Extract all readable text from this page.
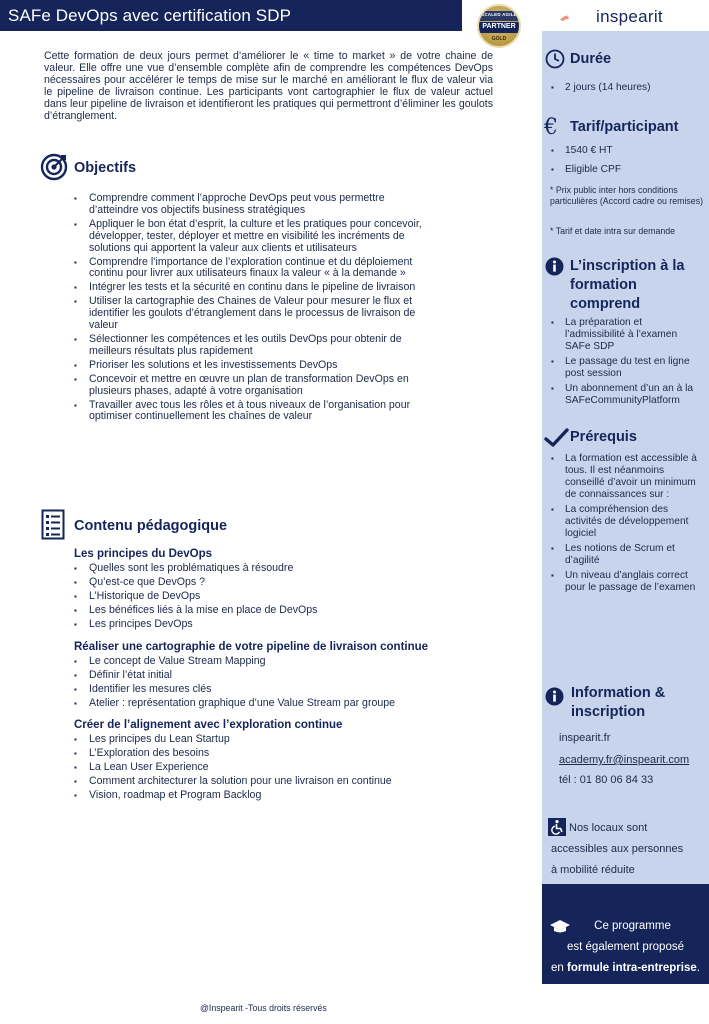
SAFe DevOps avec certification SDP	SCALED AGILE
PARTNER
GOLD
inspearit

Cette formation de deux jours permet d’améliorer le « time to market » de votre chaine de valeur. Elle offre une vue d’ensemble complète afin de comprendre les compétences DevOps nécessaires pour accélérer le temps de mise sur le marché en améliorant le flux de valeur via le pipeline de livraison continue. Les participants vont cartographier le flux de valeur actuel dans leur pipeline de livraison et identifieront les pratiques qui permettront d’éliminer les goulots d’étranglement.

Objectifs
▪ Comprendre comment l’approche DevOps peut vous permettre d’atteindre vos objectifs business stratégiques
▪ Appliquer le bon état d’esprit, la culture et les pratiques pour concevoir, développer, tester, déployer et mettre en visibilité les incréments de solutions qui apportent la valeur aux clients et utilisateurs
▪ Comprendre l’importance de l’exploration continue et du déploiement continu pour livrer aux utilisateurs finaux la valeur « à la demande »
▪ Intégrer les tests et la sécurité en continu dans le pipeline de livraison
▪ Utiliser la cartographie des Chaines de Valeur pour mesurer le flux et identifier les goulots d’étranglement dans le processus de livraison de valeur
▪ Sélectionner les compétences et les outils DevOps pour obtenir de meilleurs résultats plus rapidement
▪ Prioriser les solutions et les investissements DevOps
▪ Concevoir et mettre en œuvre un plan de transformation DevOps en plusieurs phases, adapté à votre organisation
▪ Travailler avec tous les rôles et à tous niveaux de l’organisation pour optimiser continuellement les chaînes de valeur
Contenu pédagogique
Les principes du DevOps
▪ Quelles sont les problématiques à résoudre
▪ Qu’est-ce que DevOps ?
▪ L’Historique de DevOps
▪ Les bénéfices liés à la mise en place de DevOps
▪ Les principes DevOps
Réaliser une cartographie de votre pipeline de livraison continue
▪ Le concept de Value Stream Mapping
▪ Définir l’état initial
▪ Identifier les mesures clés
▪ Atelier : représentation graphique d’une Value Stream par groupe
Créer de l’alignement avec l’exploration continue
▪ Les principes du Lean Startup
▪ L’Exploration des besoins
▪ La Lean User Experience
▪ Comment architecturer la solution pour une livraison en continue
▪ Vision, roadmap et Program Backlog
Durée
▪ 2 jours (14 heures)
€ Tarif/participant
▪ 1540 € HT
▪ Eligible CPF
* Prix public inter hors conditions particulières (Accord cadre ou remises)
* Tarif et date intra sur demande
L’inscription à la formation comprend
▪ La préparation et l’admissibilité à l’examen SAFe SDP
▪ Le passage du test en ligne post session
▪ Un abonnement d’un an à la SAFeCommunityPlatform
Prérequis
▪ La formation est accessible à tous. Il est néanmoins conseillé d’avoir un minimum de connaissances sur :
▪ La compréhension des activités de développement logiciel
▪ Les notions de Scrum et d’agilité
▪ Un niveau d’anglais correct pour le passage de l’examen
Information & inscription
inspearit.fr
academy.fr@inspearit.com
tél : 01 80 06 84 33
Nos locaux sont
accessibles aux personnes
à mobilité réduite
Ce programme
est également proposé
en formule intra-entreprise.
@Inspearit -Tous droits réservés
